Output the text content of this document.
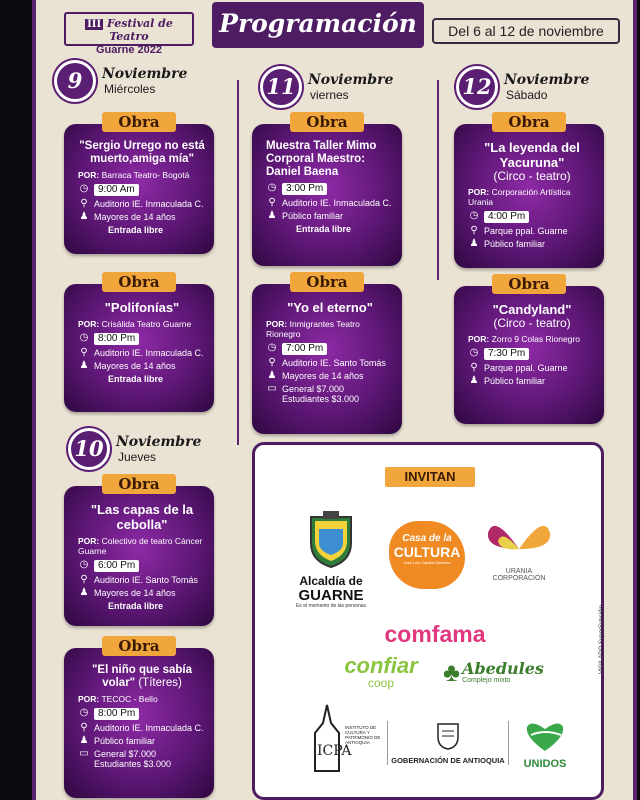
III Festival de Teatro
Guarne 2022
Programación	Del 6 al 12 de noviembre
9	Noviembre
Miércoles	11 Noviembre
viernes	12 Noviembre
Sábado
10 Noviembre
Jueves
Obra
"Sergio Urrego no está muerto,amiga mía"
POR: Barraca Teatro- Bogotá
◷ 9:00 Am
⚲ Auditorio IE. Inmaculada C.
♟ Mayores de 14 años
Entrada libre
Obra
"Polifonías"
POR: Crisálida Teatro Guarne
◷ 8:00 Pm
⚲ Auditorio IE. Inmaculada C.
♟ Mayores de 14 años
Entrada libre
Obra
"Las capas de la cebolla"
POR: Colectivo de teatro Cáncer Guarne
◷ 6:00 Pm
⚲ Auditorio IE. Santo Tomás
♟ Mayores de 14 años
Entrada libre
Obra
"El niño que sabía volar" (Títeres)
POR: TECOC - Bello
◷ 8:00 Pm
⚲ Auditorio IE. Inmaculada C.
♟ Público familiar
▭ General $7.000
Estudiantes $3.000
Obra
Muestra Taller Mimo Corporal Maestro: Daniel Baena
◷ 3:00 Pm
⚲ Auditorio IE. Inmaculada C.
♟ Público familiar
Entrada libre
Obra
"Yo el eterno"
POR: Inmigrantes Teatro Rionegro
◷ 7:00 Pm
⚲ Auditorio IE. Santo Tomás
♟ Mayores de 14 años
▭ General $7.000
Estudiantes $3.000
Obra
"La leyenda del Yacuruna"
(Circo - teatro)
POR: Corporación Artística Urania
◷ 4:00 Pm
⚲ Parque ppal. Guarne
♟ Público familiar
Obra
"Candyland"
(Circo - teatro)
POR: Zorro 9 Colas Rionegro
◷ 7:30 Pm
⚲ Parque ppal. Guarne
♟ Público familiar
INVITAN
Alcaldía de
GUARNE
Es el momento de las personas
Casa de la
CULTURA
José Luis Zapata Sánchez
URANIA
CORPORACIÓN
comfama
confiar
coop	♣ Abedules
Complejo mixto
ICPA
INSTITUTO DE CULTURA Y PATRIMONIO DE ANTIOQUIA
GOBERNACIÓN DE ANTIOQUIA	UNIDOS
VIGILADO SuperSubsidio
